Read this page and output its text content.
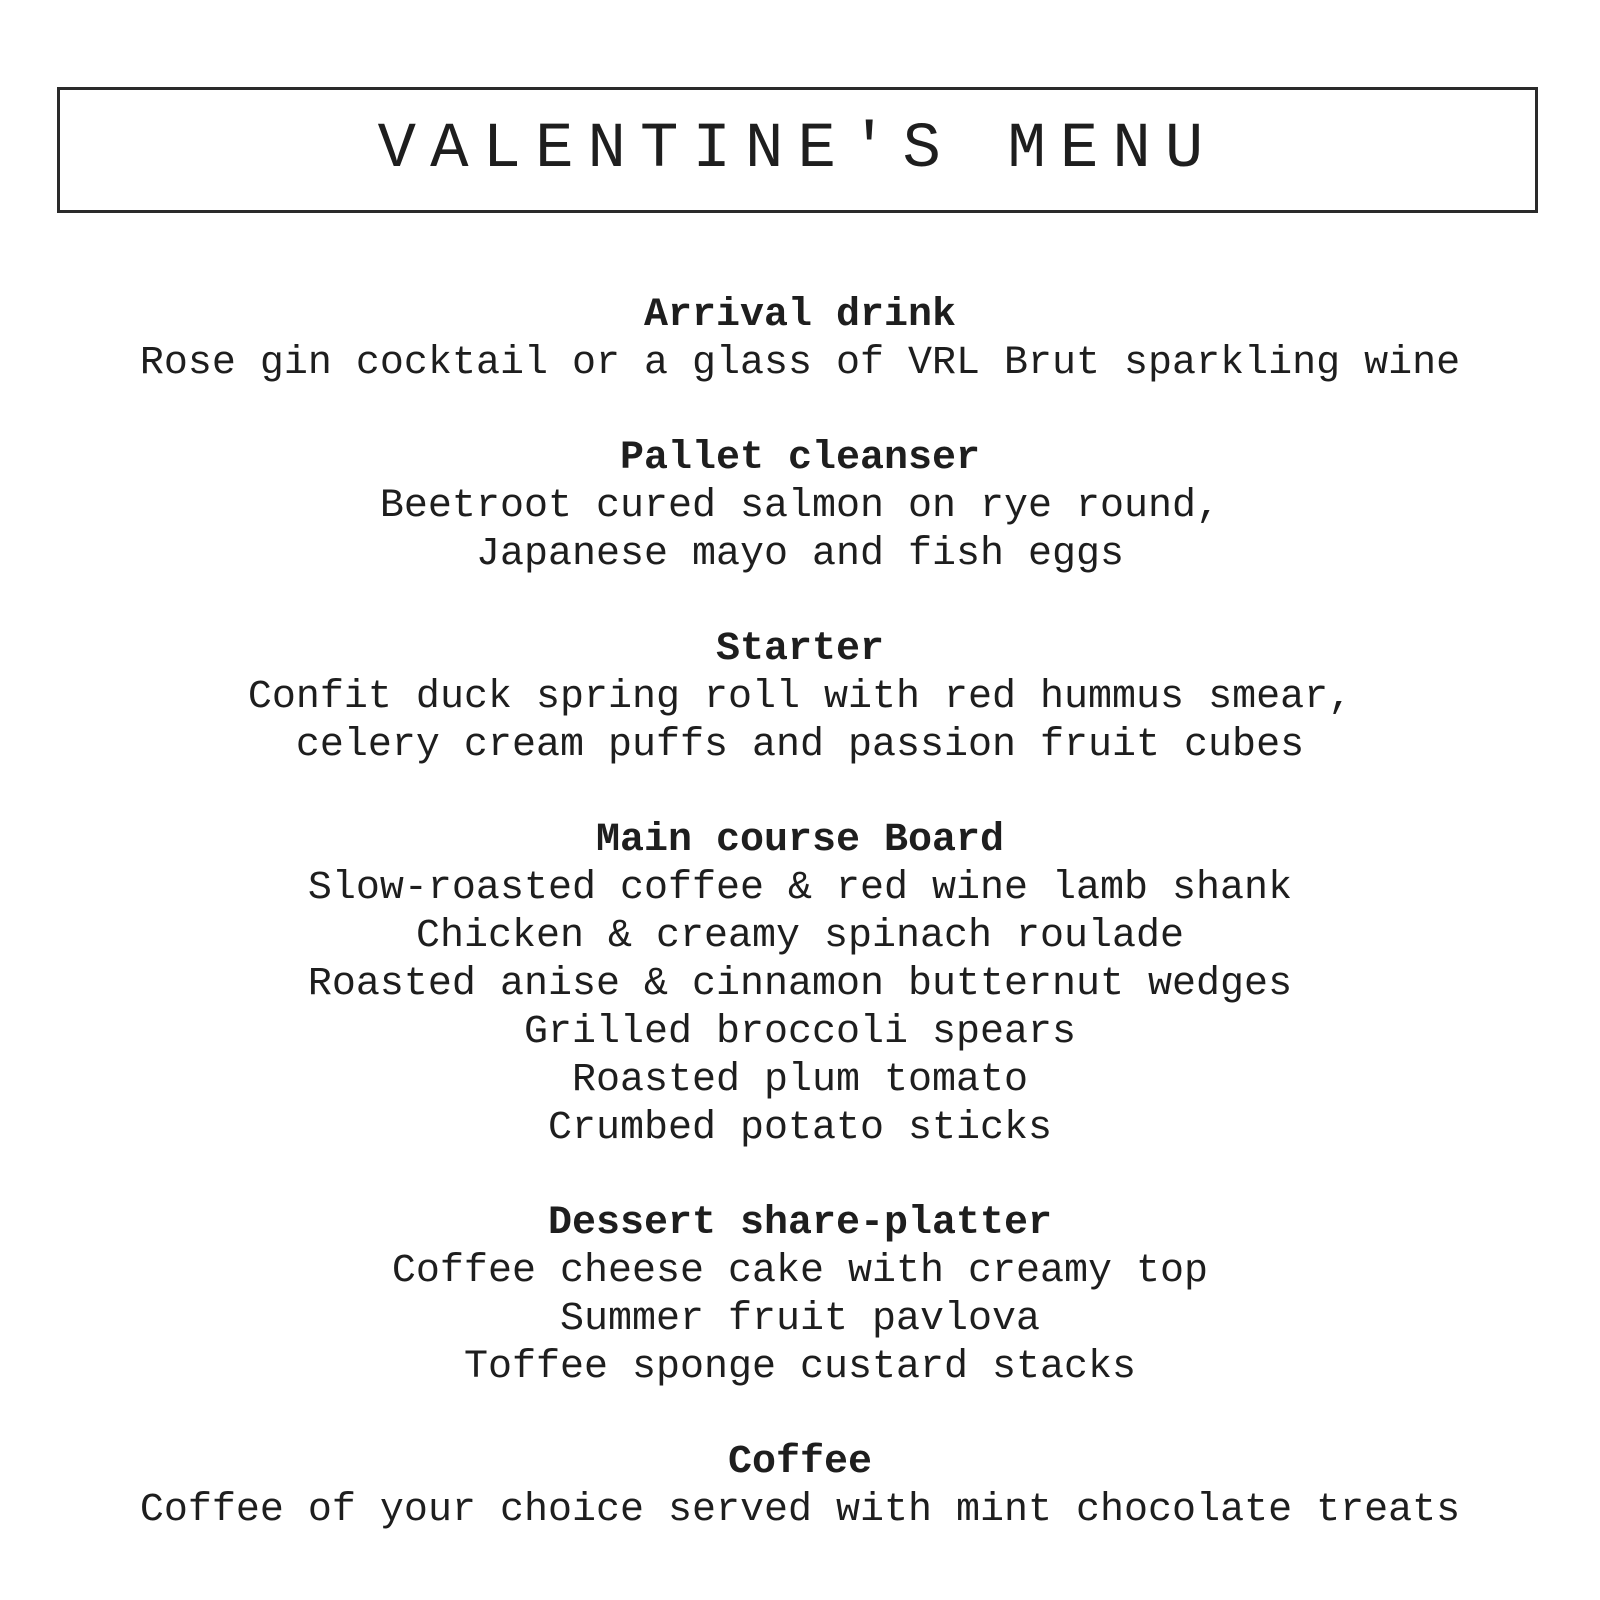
VALENTINE'S MENU
Arrival drink
Rose gin cocktail or a glass of VRL Brut sparkling wine
Pallet cleanser
Beetroot cured salmon on rye round,
Japanese mayo and fish eggs
Starter
Confit duck spring roll with red hummus smear,
celery cream puffs and passion fruit cubes
Main course Board
Slow-roasted coffee & red wine lamb shank
Chicken & creamy spinach roulade
Roasted anise & cinnamon butternut wedges
Grilled broccoli spears
Roasted plum tomato
Crumbed potato sticks
Dessert share-platter
Coffee cheese cake with creamy top
Summer fruit pavlova
Toffee sponge custard stacks
Coffee
Coffee of your choice served with mint chocolate treats
